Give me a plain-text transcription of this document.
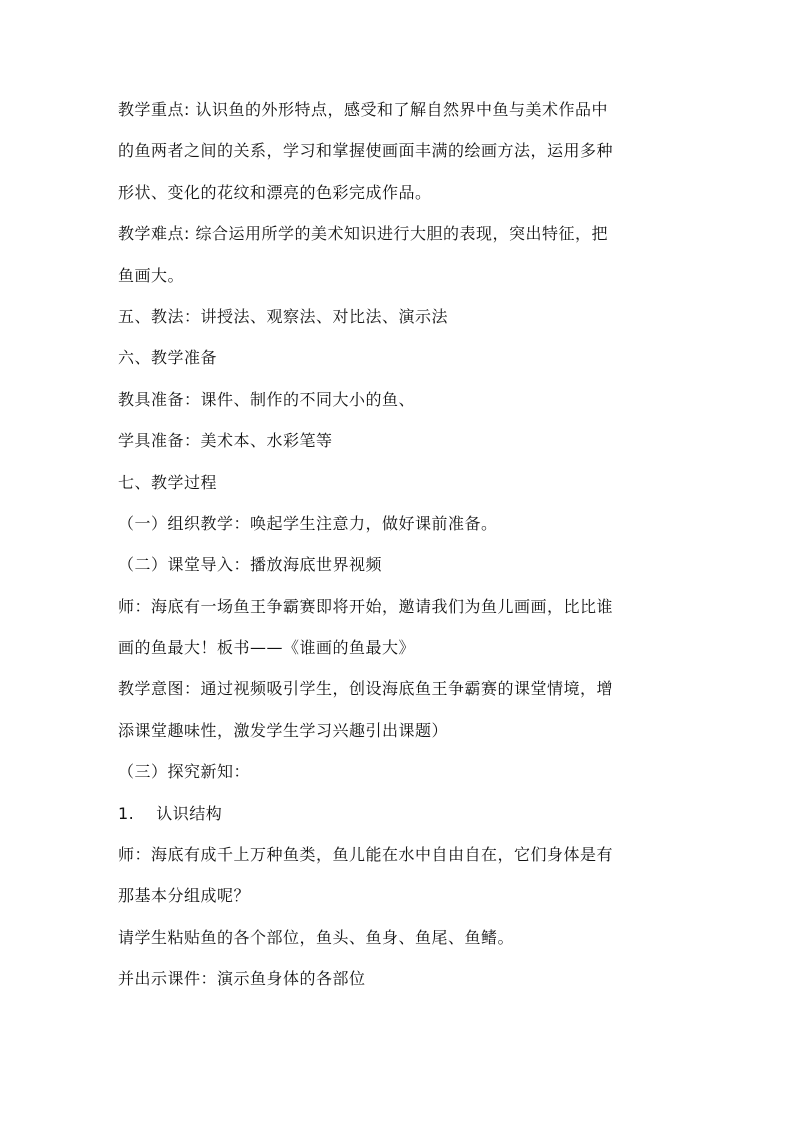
教学重点: 认识鱼的外形特点，感受和了解自然界中鱼与美术作品中
的鱼两者之间的关系，学习和掌握使画面丰满的绘画方法，运用多种
形状、变化的花纹和漂亮的色彩完成作品。
教学难点: 综合运用所学的美术知识进行大胆的表现，突出特征，把
鱼画大。
五、教法：讲授法、观察法、对比法、演示法
六、教学准备
教具准备：课件、制作的不同大小的鱼、
学具准备：美术本、水彩笔等
七、教学过程
（一）组织教学：唤起学生注意力，做好课前准备。
（二）课堂导入：播放海底世界视频
师：海底有一场鱼王争霸赛即将开始，邀请我们为鱼儿画画，比比谁
画的鱼最大！板书——《谁画的鱼最大》
教学意图：通过视频吸引学生，创设海底鱼王争霸赛的课堂情境，增
添课堂趣味性，激发学生学习兴趣引出课题）
（三）探究新知：
1. 认识结构
师：海底有成千上万种鱼类，鱼儿能在水中自由自在，它们身体是有
那基本分组成呢？
请学生粘贴鱼的各个部位，鱼头、鱼身、鱼尾、鱼鳍。
并出示课件：演示鱼身体的各部位
